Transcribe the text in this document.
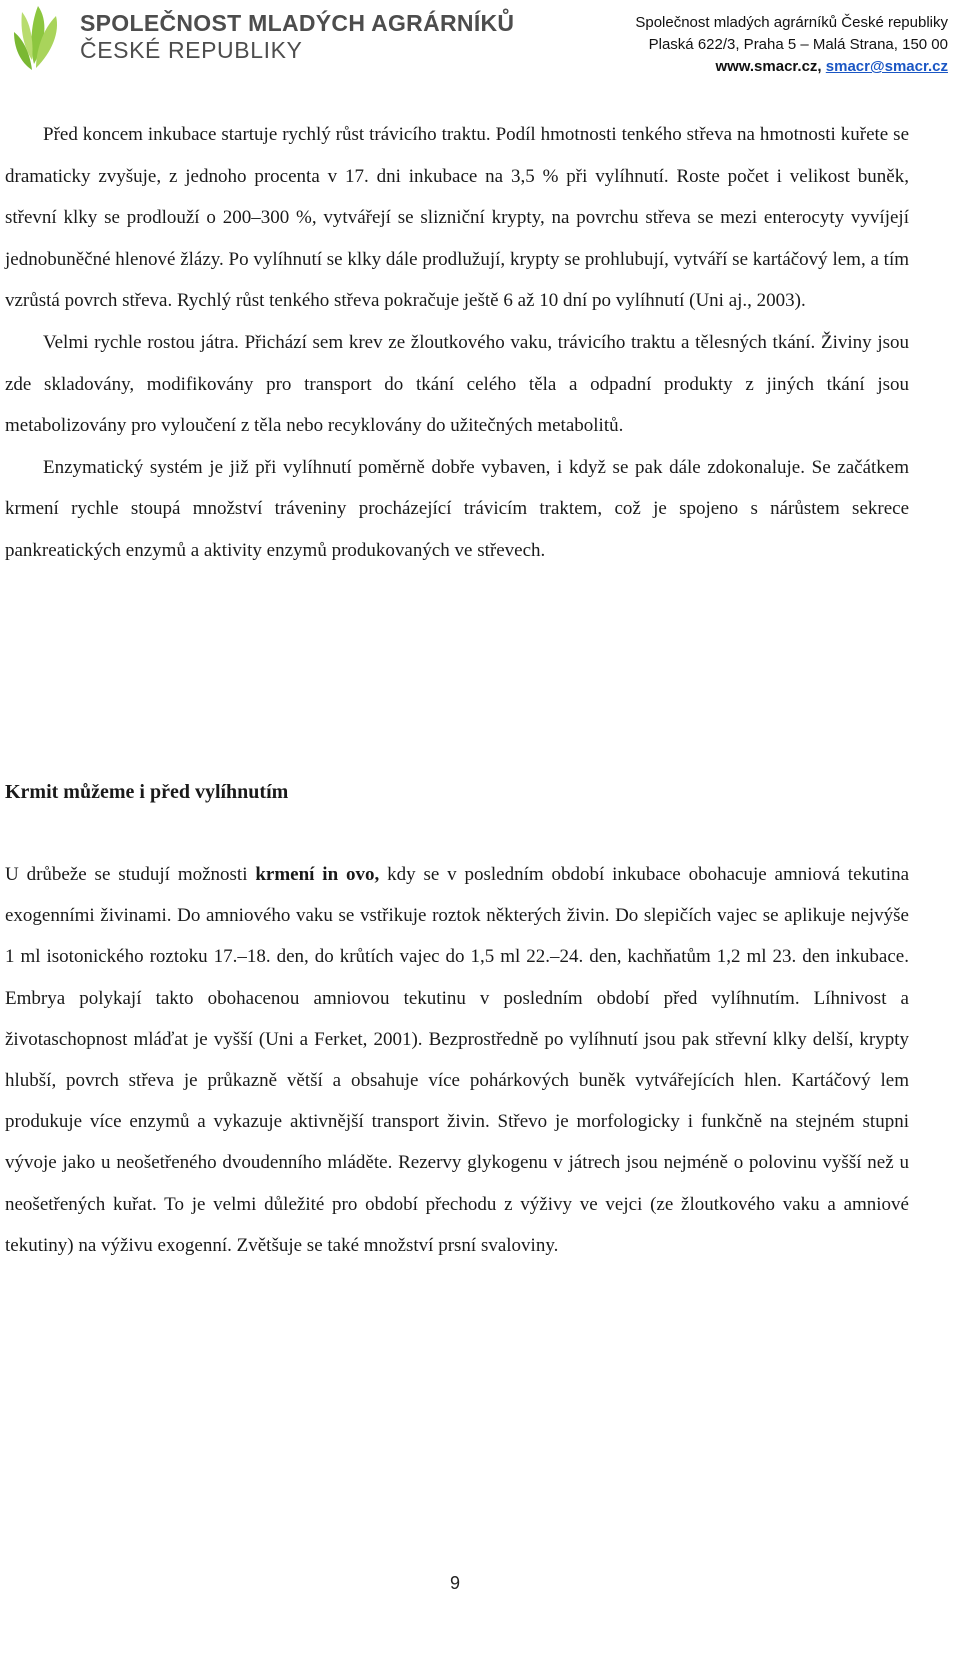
SPOLEČNOST MLADÝCH AGRÁRNÍKŮ
ČESKÉ REPUBLIKY
Společnost mladých agrárníků České republiky
Plaská 622/3, Praha 5 – Malá Strana, 150 00
www.smacr.cz, smacr@smacr.cz

Před koncem inkubace startuje rychlý růst trávicího traktu. Podíl hmotnosti tenkého střeva na hmotnosti kuřete se dramaticky zvyšuje, z jednoho procenta v 17. dni inkubace na 3,5 % při vylíhnutí. Roste počet i velikost buněk, střevní klky se prodlouží o 200–300 %, vytvářejí se slizniční krypty, na povrchu střeva se mezi enterocyty vyvíjejí jednobuněčné hlenové žlázy. Po vylíhnutí se klky dále prodlužují, krypty se prohlubují, vytváří se kartáčový lem, a tím vzrůstá povrch střeva. Rychlý růst tenkého střeva pokračuje ještě 6 až 10 dní po vylíhnutí (Uni aj., 2003).

Velmi rychle rostou játra. Přichází sem krev ze žloutkového vaku, trávicího traktu a tělesných tkání. Živiny jsou zde skladovány, modifikovány pro transport do tkání celého těla a odpadní produkty z jiných tkání jsou metabolizovány pro vyloučení z těla nebo recyklovány do užitečných metabolitů.

Enzymatický systém je již při vylíhnutí poměrně dobře vybaven, i když se pak dále zdokonaluje. Se začátkem krmení rychle stoupá množství tráveniny procházející trávicím traktem, což je spojeno s nárůstem sekrece pankreatických enzymů a aktivity enzymů produkovaných ve střevech.

Krmit můžeme i před vylíhnutím

U drůbeže se studují možnosti krmení in ovo, kdy se v posledním období inkubace obohacuje amniová tekutina exogenními živinami. Do amniového vaku se vstřikuje roztok některých živin. Do slepičích vajec se aplikuje nejvýše 1 ml isotonického roztoku 17.–18. den, do krůtích vajec do 1,5 ml 22.–24. den, kachňatům 1,2 ml 23. den inkubace. Embrya polykají takto obohacenou amniovou tekutinu v posledním období před vylíhnutím. Líhnivost a životaschopnost mláďat je vyšší (Uni a Ferket, 2001). Bezprostředně po vylíhnutí jsou pak střevní klky delší, krypty hlubší, povrch střeva je průkazně větší a obsahuje více pohárkových buněk vytvářejících hlen. Kartáčový lem produkuje více enzymů a vykazuje aktivnější transport živin. Střevo je morfologicky i funkčně na stejném stupni vývoje jako u neošetřeného dvoudenního mláděte. Rezervy glykogenu v játrech jsou nejméně o polovinu vyšší než u neošetřených kuřat. To je velmi důležité pro období přechodu z výživy ve vejci (ze žloutkového vaku a amniové tekutiny) na výživu exogenní. Zvětšuje se také množství prsní svaloviny.

9
